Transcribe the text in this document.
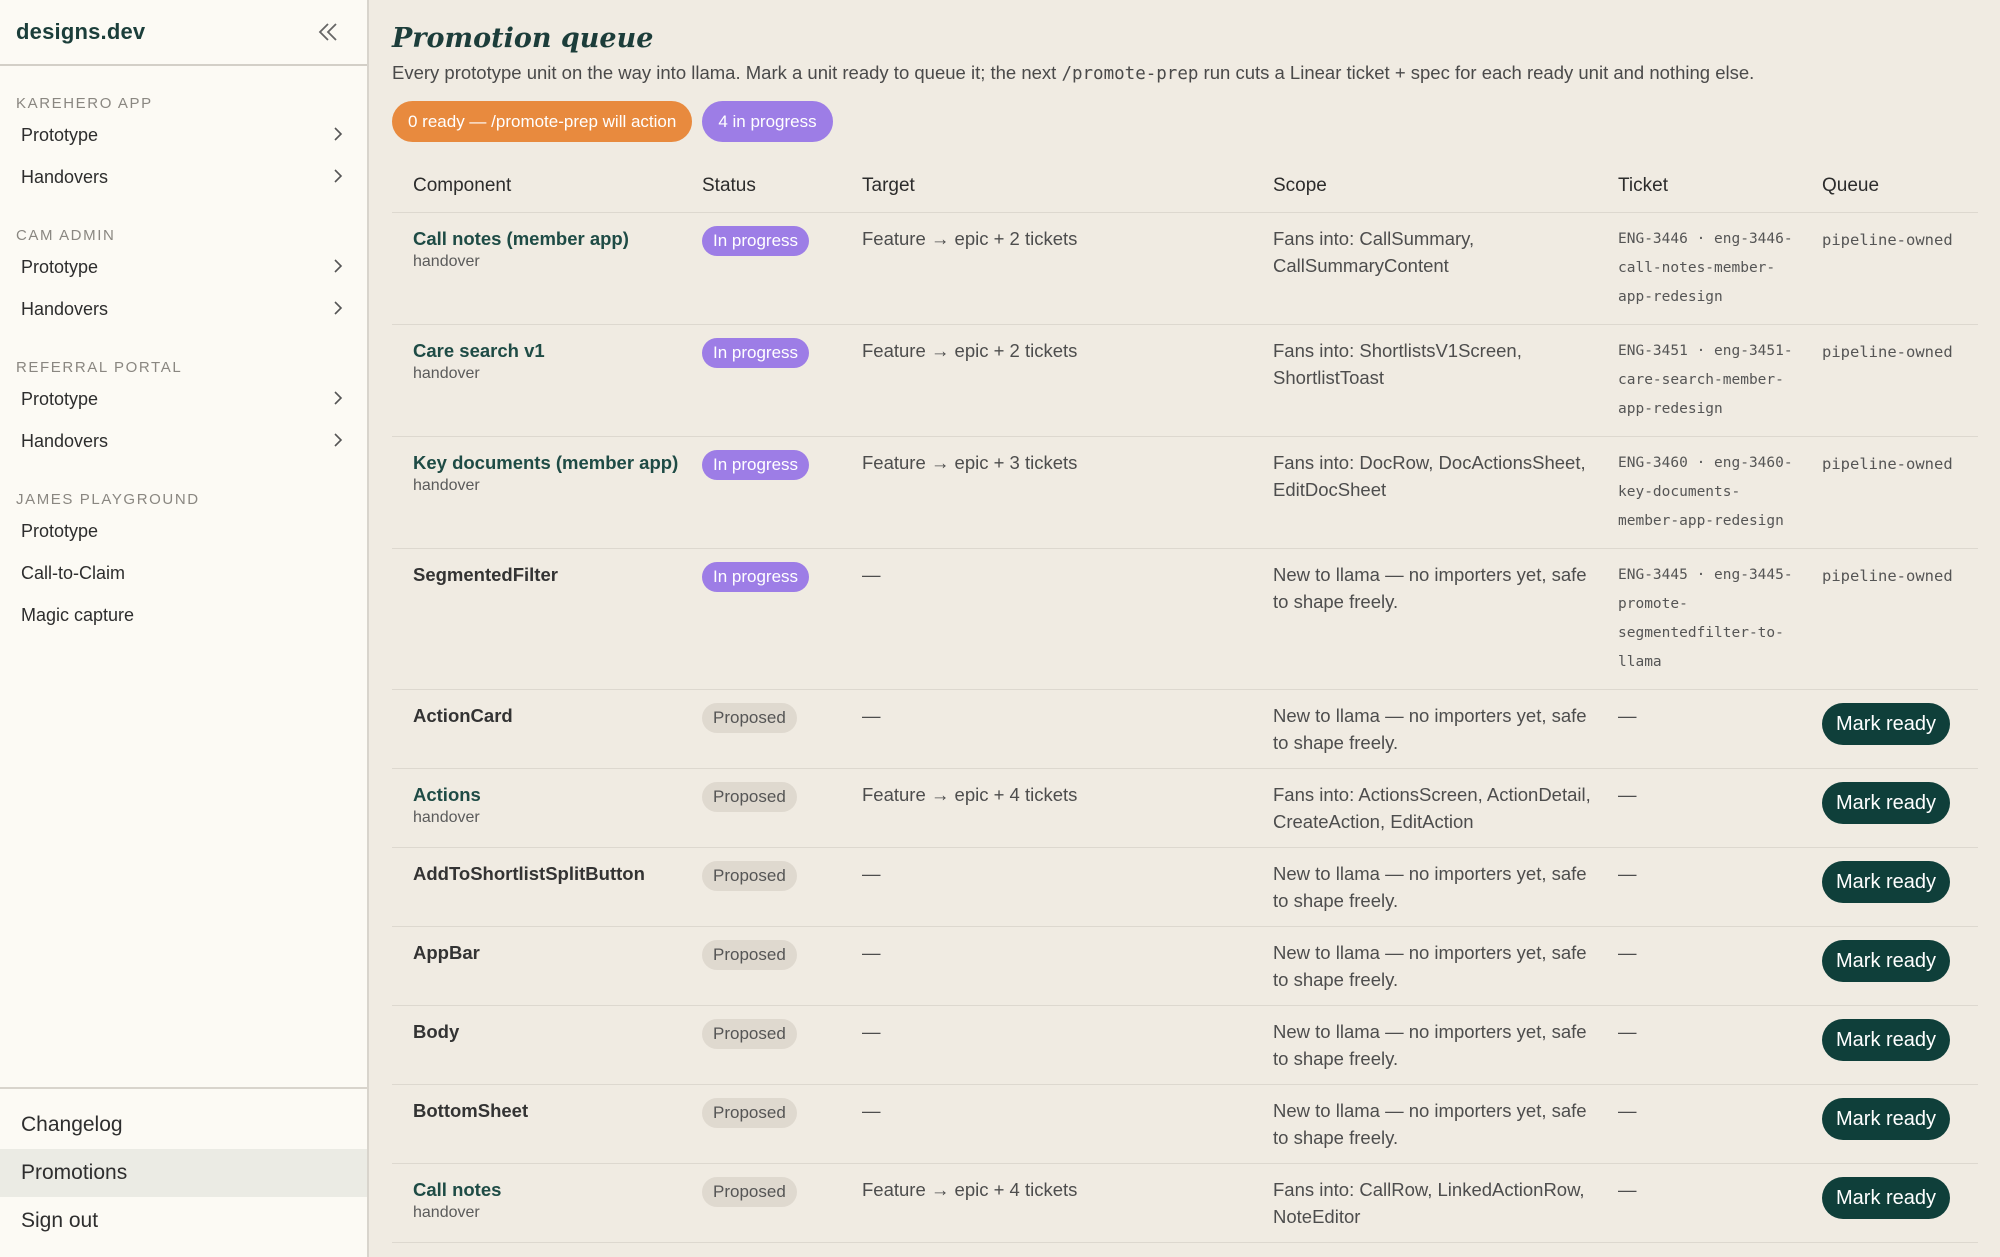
designs.dev
KAREHERO APP
Prototype
Handovers
CAM ADMIN
Prototype
Handovers
REFERRAL PORTAL
Prototype
Handovers
JAMES PLAYGROUND
Prototype
Call-to-Claim
Magic capture
Changelog
Promotions
Sign out
Promotion queue

Every prototype unit on the way into llama. Mark a unit ready to queue it; the next /promote-prep run cuts a Linear ticket + spec for each ready unit and nothing else.

0 ready — /promote-prep will action	4 in progress
Component	Status	Target	Scope	Ticket	Queue

Call notes (member app)
handover	In progress	Feature → epic + 2 tickets	Fans into: CallSummary, CallSummaryContent	ENG-3446 · eng-3446-call-notes-member-app-redesign	pipeline-owned

Care search v1
handover	In progress	Feature → epic + 2 tickets	Fans into: ShortlistsV1Screen, ShortlistToast	ENG-3451 · eng-3451-care-search-member-app-redesign	pipeline-owned

Key documents (member app)
handover	In progress	Feature → epic + 3 tickets	Fans into: DocRow, DocActionsSheet, EditDocSheet	ENG-3460 · eng-3460-key-documents-member-app-redesign	pipeline-owned

SegmentedFilter	In progress	—	New to llama — no importers yet, safe to shape freely.	ENG-3445 · eng-3445-promote-segmentedfilter-to-llama	pipeline-owned

ActionCard	Proposed	—	New to llama — no importers yet, safe to shape freely.	—	Mark ready

Actions
handover	Proposed	Feature → epic + 4 tickets	Fans into: ActionsScreen, ActionDetail, CreateAction, EditAction	—	Mark ready

AddToShortlistSplitButton	Proposed	—	New to llama — no importers yet, safe to shape freely.	—	Mark ready

AppBar	Proposed	—	New to llama — no importers yet, safe to shape freely.	—	Mark ready

Body	Proposed	—	New to llama — no importers yet, safe to shape freely.	—	Mark ready

BottomSheet	Proposed	—	New to llama — no importers yet, safe to shape freely.	—	Mark ready

Call notes
handover	Proposed	Feature → epic + 4 tickets	Fans into: CallRow, LinkedActionRow, NoteEditor	—	Mark ready
